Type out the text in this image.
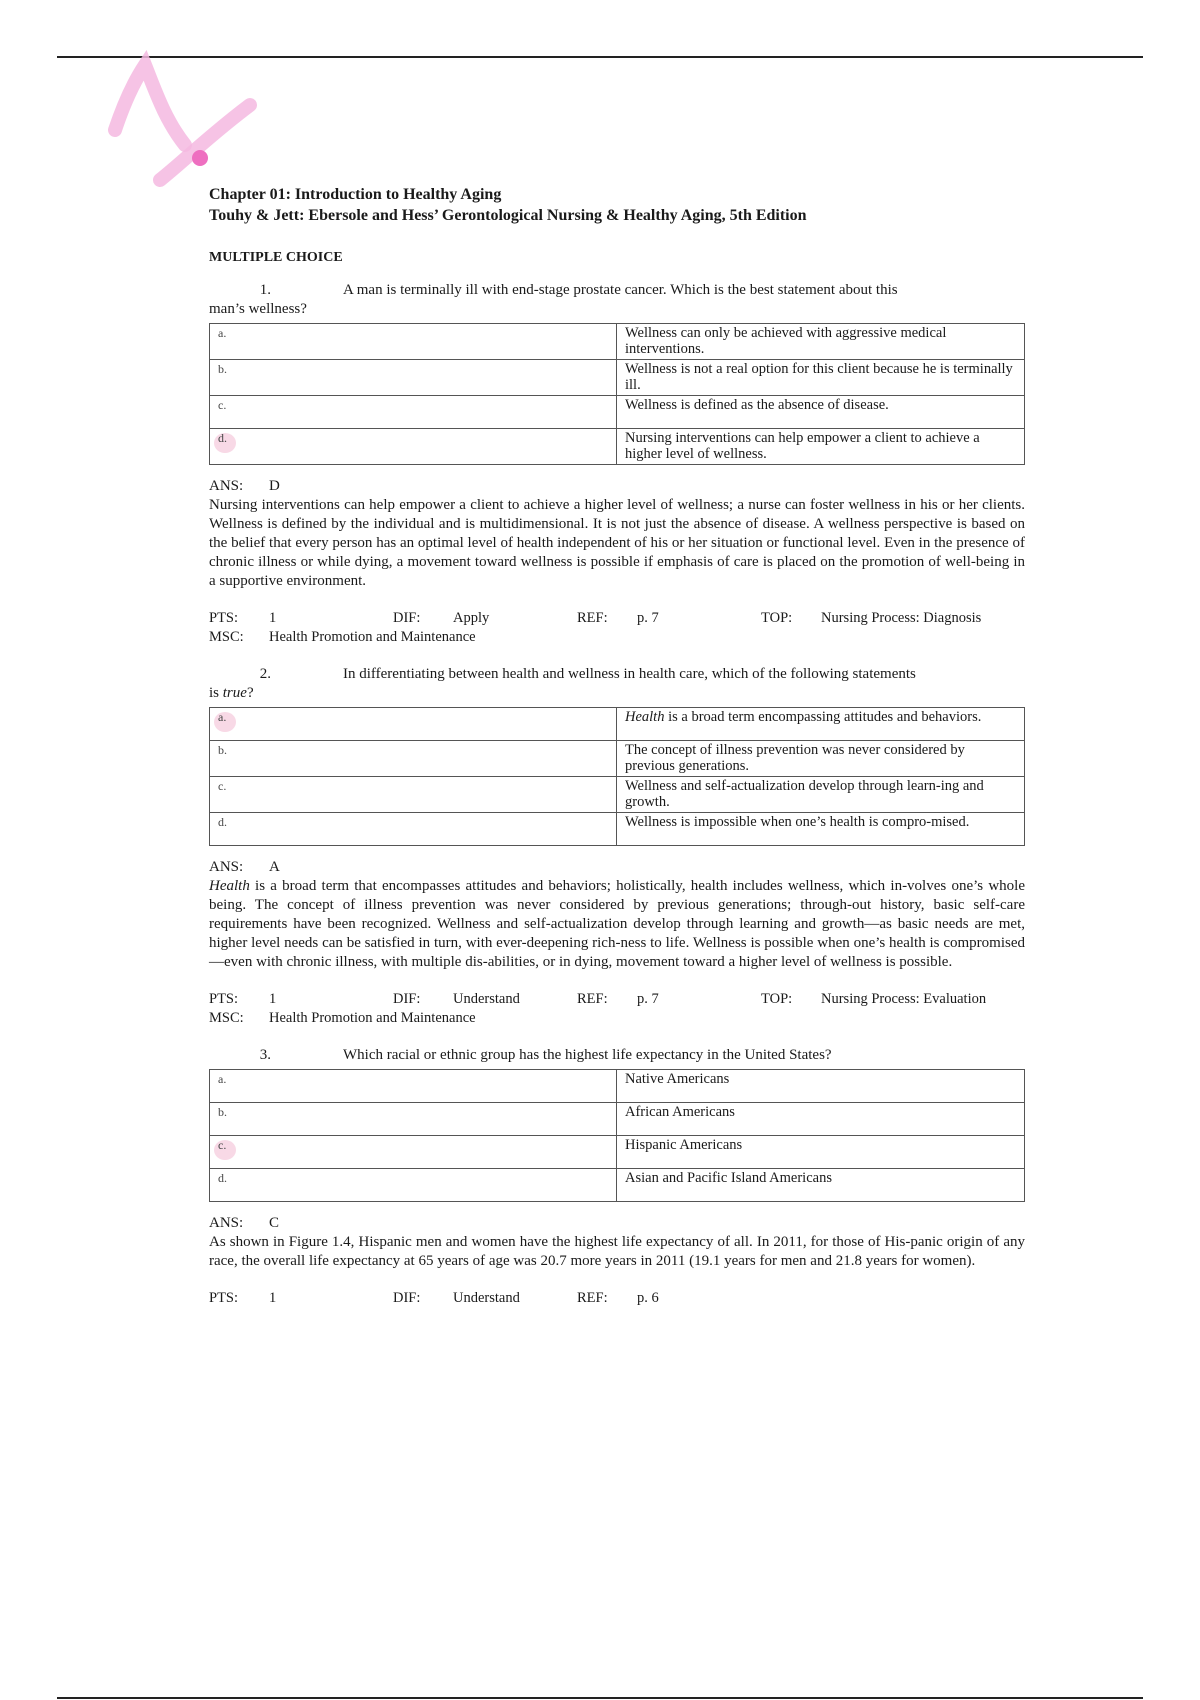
Chapter 01: Introduction to Healthy Aging

Touhy & Jett: Ebersole and Hess’ Gerontological Nursing & Healthy Aging, 5th Edition

MULTIPLE CHOICE

1.	A man is terminally ill with end-stage prostate cancer. Which is the best statement about this

man’s wellness?

a.	Wellness can only be achieved with aggressive medical interventions.
b.	Wellness is not a real option for this client because he is terminally ill.
c.	Wellness is defined as the absence of disease.

d.	Nursing interventions can help empower a client to achieve a higher level of wellness.

ANS: D

Nursing interventions can help empower a client to achieve a higher level of wellness; a nurse can foster wellness in his or her clients. Wellness is defined by the individual and is multidimensional. It is not just the absence of disease. A wellness perspective is based on the belief that every person has an optimal level of health independent of his or her situation or functional level. Even in the presence of chronic illness or while dying, a movement toward wellness is possible if emphasis of care is placed on the promotion of well-being in a supportive environment.

PTS:	1	DIF:	Apply	REF:	p. 7	TOP:	Nursing Process: Diagnosis
MSC:	Health Promotion and Maintenance
2.	In differentiating between health and wellness in health care, which of the following statements

is true?

a.	Health is a broad term encompassing attitudes and behaviors.
b.	The concept of illness prevention was never considered by previous generations.
c.	Wellness and self-actualization develop through learn-ing and growth.
d.	Wellness is impossible when one’s health is compro-mised.

ANS: A

Health is a broad term that encompasses attitudes and behaviors; holistically, health includes wellness, which in-volves one’s whole being. The concept of illness prevention was never considered by previous generations; through-out history, basic self-care requirements have been recognized. Wellness and self-actualization develop through learning and growth—as basic needs are met, higher level needs can be satisfied in turn, with ever-deepening rich-ness to life. Wellness is possible when one’s health is compromised—even with chronic illness, with multiple dis-abilities, or in dying, movement toward a higher level of wellness is possible.

PTS:	1	DIF:	Understand	REF:	p. 7	TOP:	Nursing Process: Evaluation
MSC:	Health Promotion and Maintenance
3.	Which racial or ethnic group has the highest life expectancy in the United States?
a.	Native Americans
b.	African Americans

c.	Hispanic Americans
d.	Asian and Pacific Island Americans

ANS: C

As shown in Figure 1.4, Hispanic men and women have the highest life expectancy of all. In 2011, for those of His-panic origin of any race, the overall life expectancy at 65 years of age was 20.7 more years in 2011 (19.1 years for men and 21.8 years for women).

PTS:	1	DIF:	Understand	REF:	p. 6
